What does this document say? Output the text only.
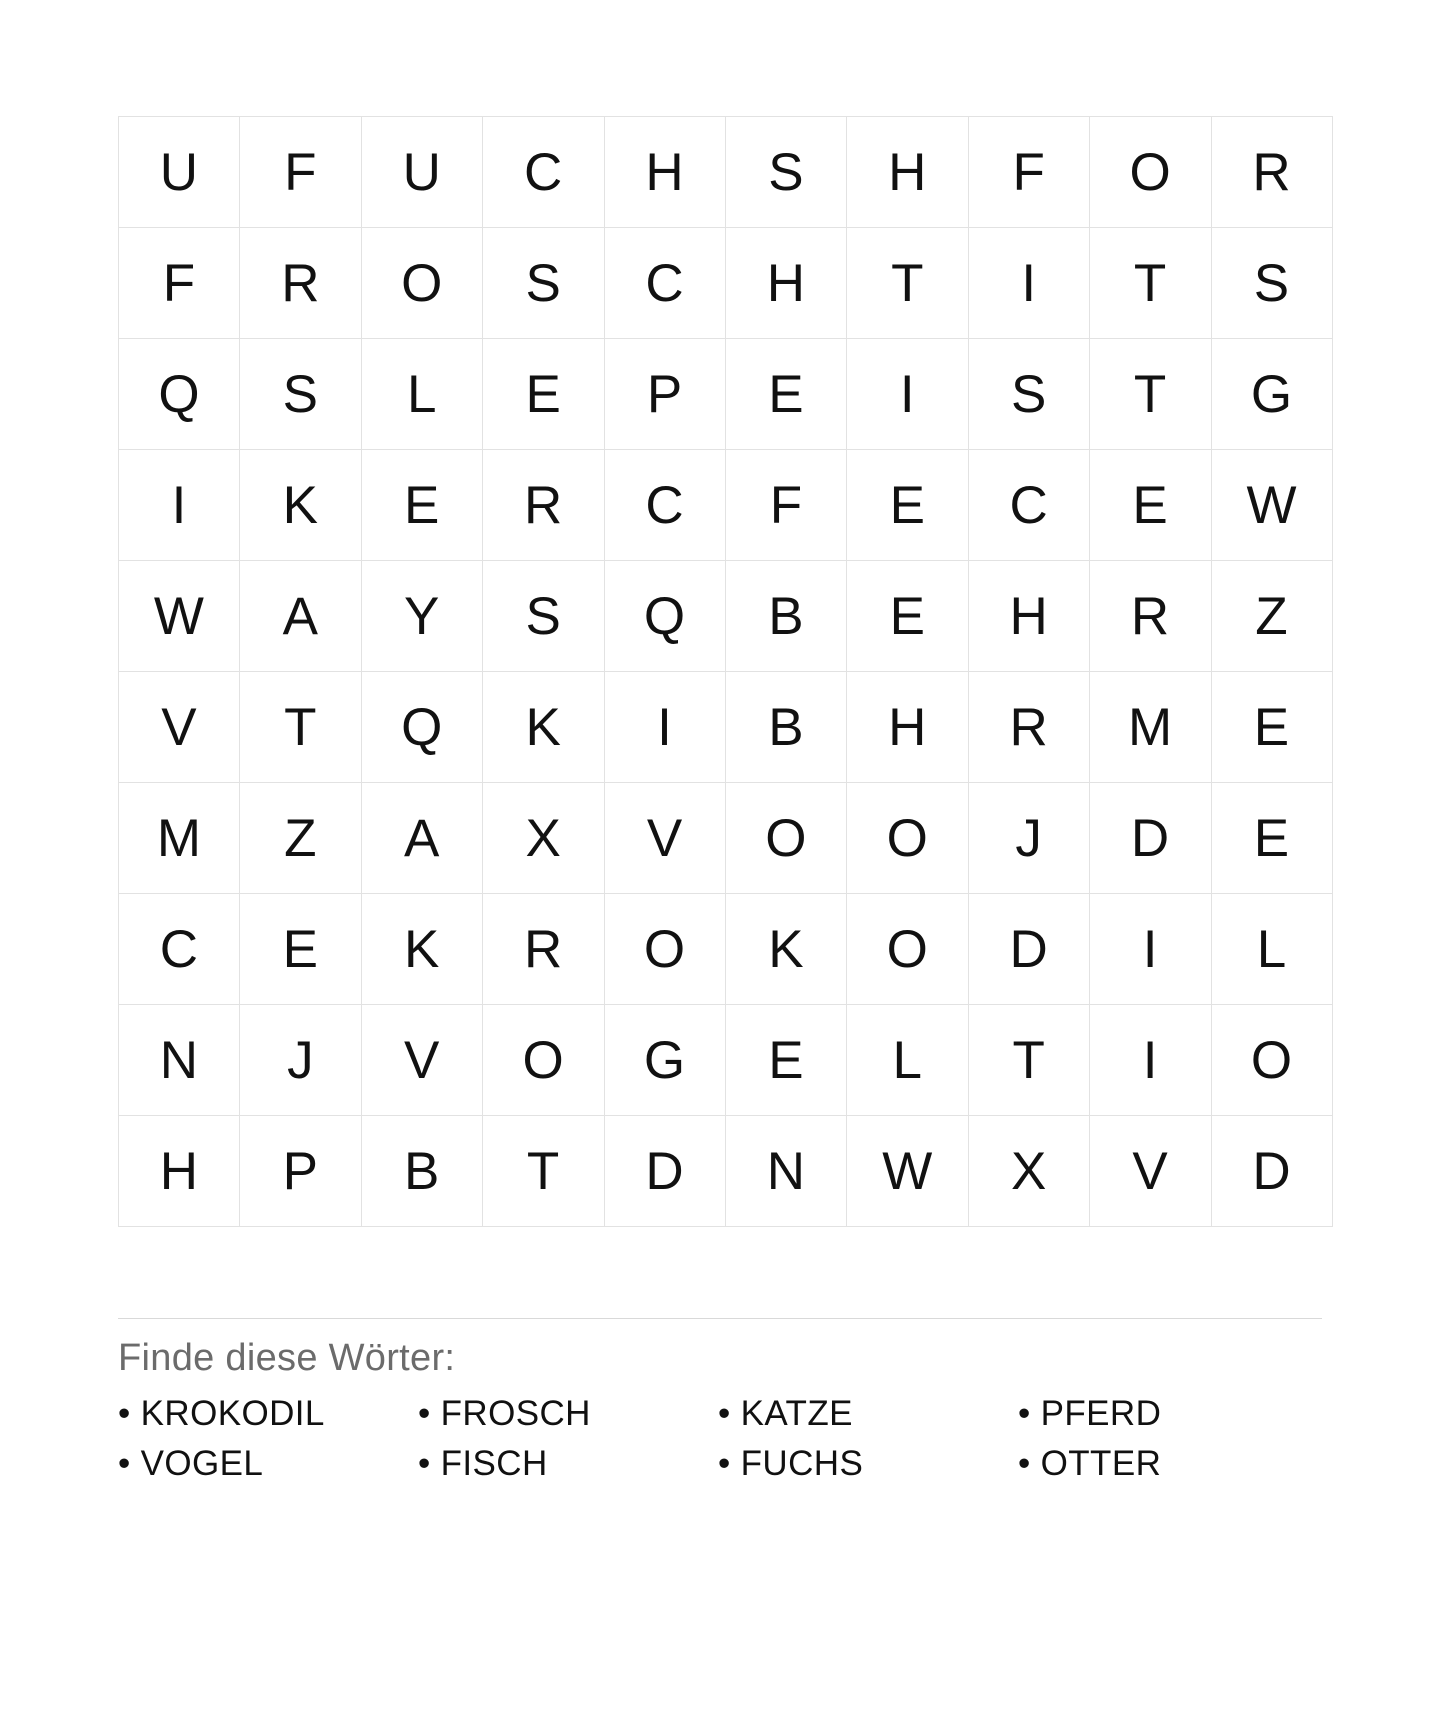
U	F	U	C	H	S	H	F	O	R
F	R	O	S	C	H	T	I	T	S
Q	S	L	E	P	E	I	S	T	G
I	K	E	R	C	F	E	C	E	W
W	A	Y	S	Q	B	E	H	R	Z
V	T	Q	K	I	B	H	R	M	E
M	Z	A	X	V	O	O	J	D	E
C	E	K	R	O	K	O	D	I	L
N	J	V	O	G	E	L	T	I	O
H	P	B	T	D	N	W	X	V	D
Finde diese Wörter:
• KROKODIL	• FROSCH	• KATZE	• PFERD
• VOGEL	• FISCH	• FUCHS	• OTTER
